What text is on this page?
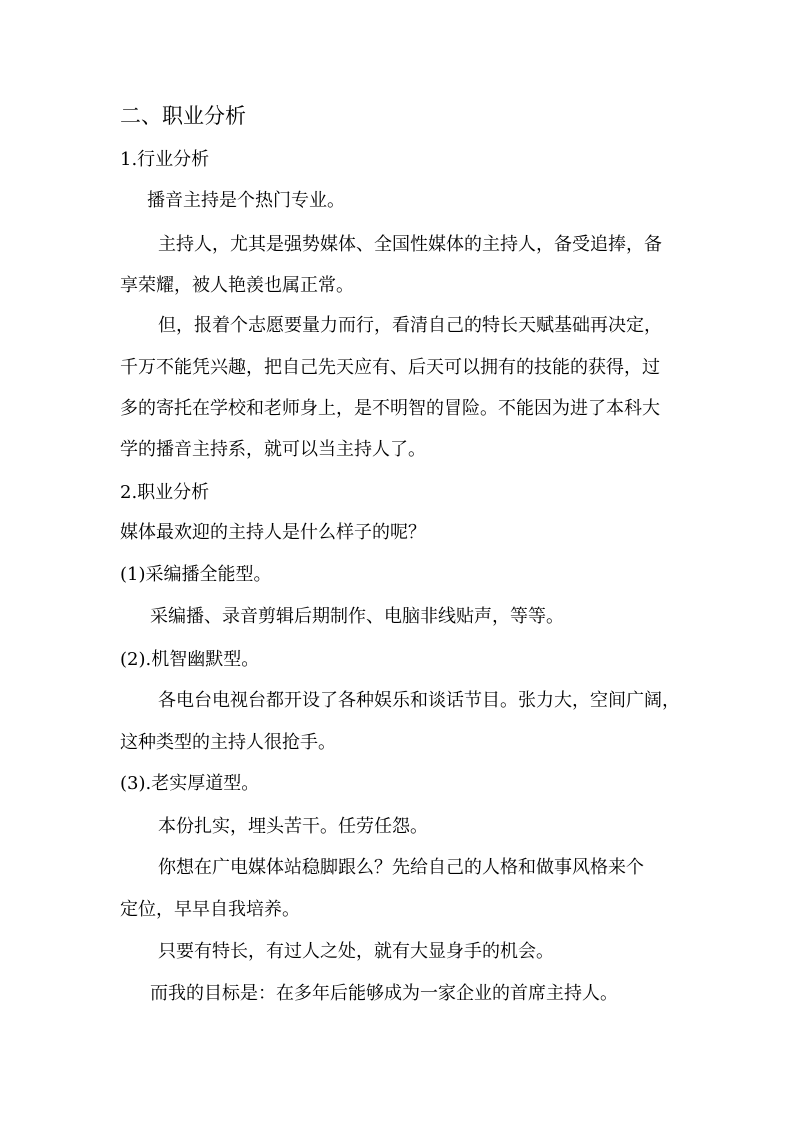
二、职业分析
1.行业分析
播音主持是个热门专业。
主持人，尤其是强势媒体、全国性媒体的主持人，备受追捧，备
享荣耀，被人艳羡也属正常。
但，报着个志愿要量力而行，看清自己的特长天赋基础再决定，
千万不能凭兴趣，把自己先天应有、后天可以拥有的技能的获得，过
多的寄托在学校和老师身上，是不明智的冒险。不能因为进了本科大
学的播音主持系，就可以当主持人了。
2.职业分析
媒体最欢迎的主持人是什么样子的呢？
(1)采编播全能型。
采编播、录音剪辑后期制作、电脑非线贴声，等等。
(2).机智幽默型。
各电台电视台都开设了各种娱乐和谈话节目。张力大，空间广阔，
这种类型的主持人很抢手。
(3).老实厚道型。
本份扎实，埋头苦干。任劳任怨。
你想在广电媒体站稳脚跟么？先给自己的人格和做事风格来个
定位，早早自我培养。
只要有特长，有过人之处，就有大显身手的机会。
而我的目标是：在多年后能够成为一家企业的首席主持人。
